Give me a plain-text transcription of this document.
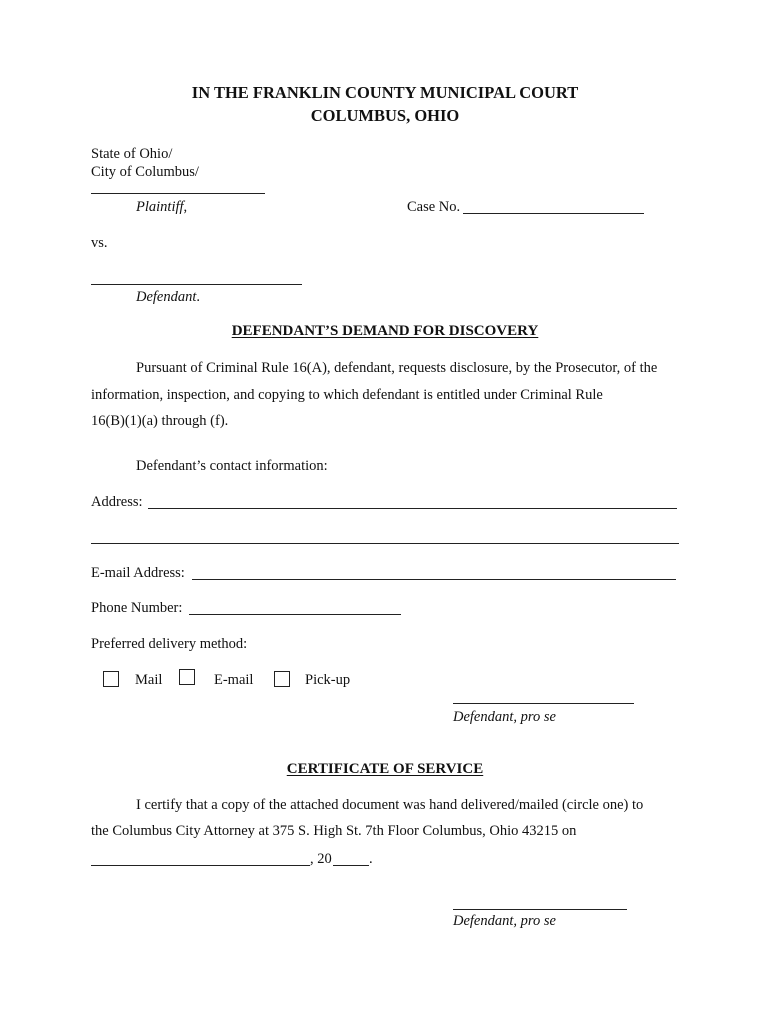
IN THE FRANKLIN COUNTY MUNICIPAL COURT
COLUMBUS, OHIO
State of Ohio/
City of Columbus/
Plaintiff,	Case No.
vs.
Defendant.
DEFENDANT’S DEMAND FOR DISCOVERY
Pursuant of Criminal Rule 16(A), defendant, requests disclosure, by the Prosecutor, of the
information, inspection, and copying to which defendant is entitled under Criminal Rule
16(B)(1)(a) through (f).
Defendant’s contact information:
Address:
E-mail Address:
Phone Number:
Preferred delivery method:
Mail	E-mail	Pick-up
Defendant, pro se
CERTIFICATE OF SERVICE
I certify that a copy of the attached document was hand delivered/mailed (circle one) to
the Columbus City Attorney at 375 S. High St. 7th Floor Columbus, Ohio 43215 on
, 20	.
Defendant, pro se
